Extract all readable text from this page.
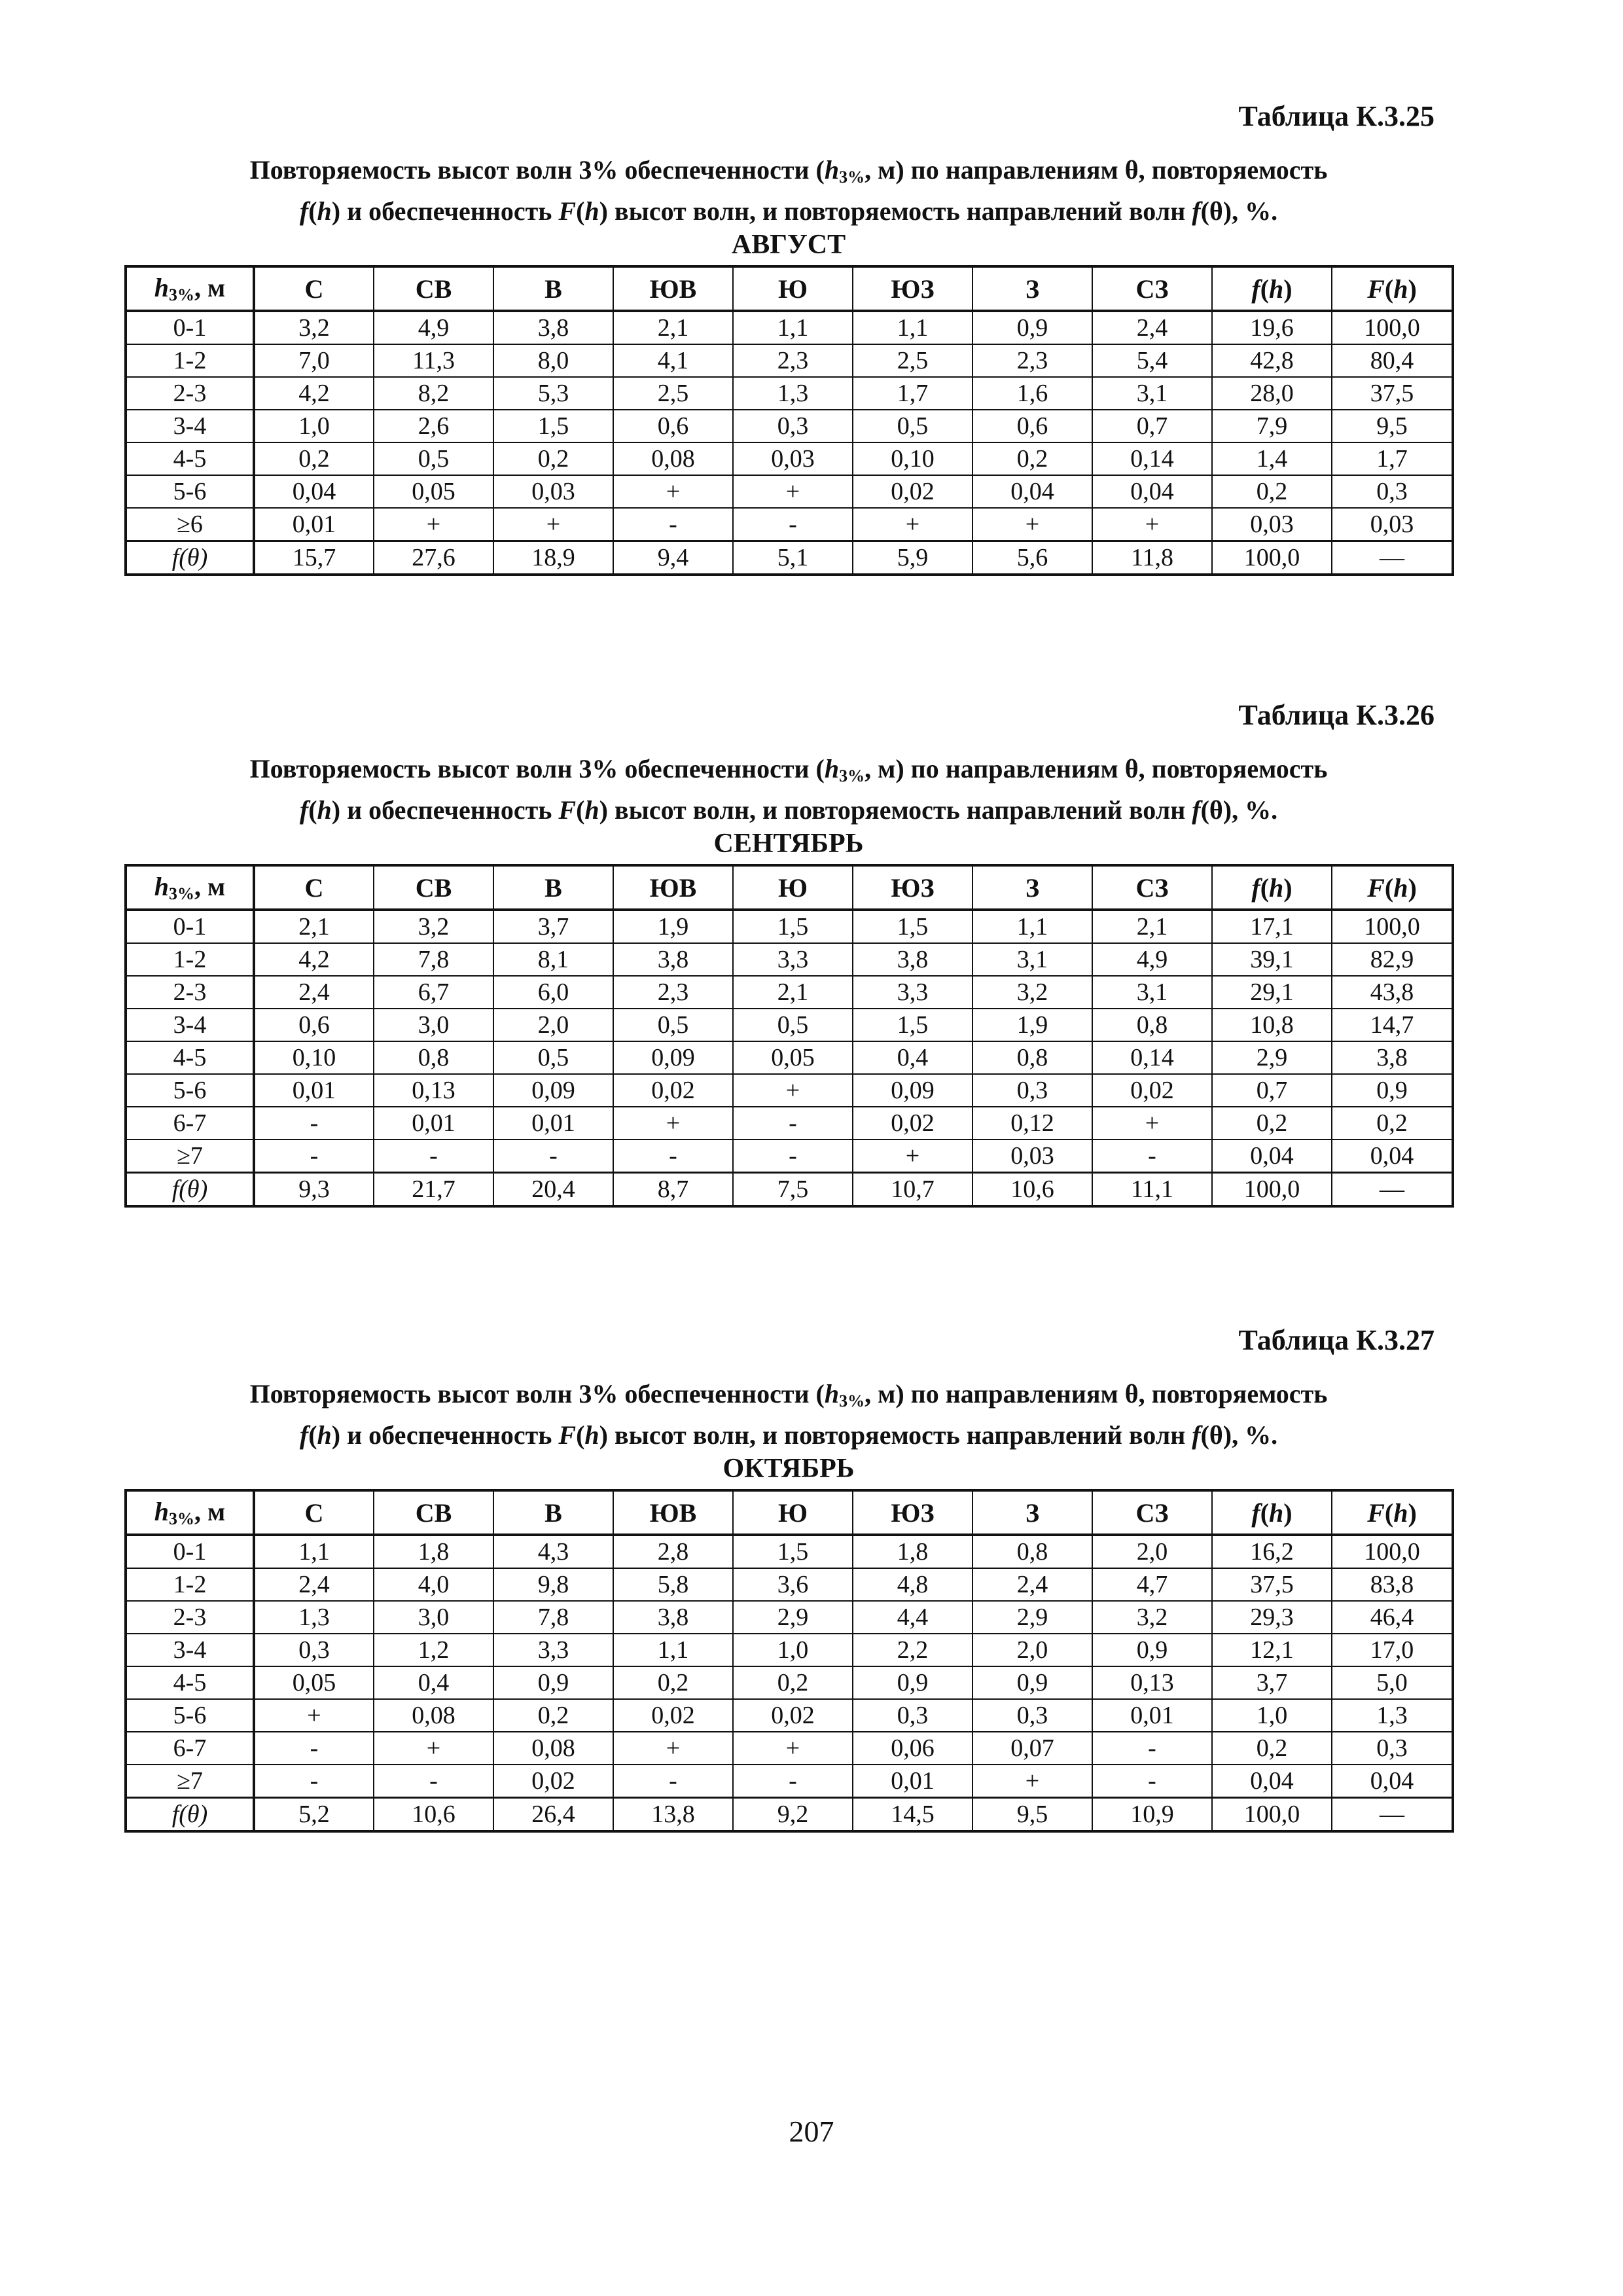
Таблица К.3.25
Повторяемость высот волн 3% обеспеченности ($h_{3\%}$, м) по направлениям θ, повторяемость
f(h) и обеспеченность F(h) высот волн, и повторяемость направлений волн f(θ), %.
АВГУСТ
$h_{3\%}$, м	С	СВ	В	ЮВ	Ю	ЮЗ	З	СЗ	f(h)	F(h)
0-1	3,2	4,9	3,8	2,1	1,1	1,1	0,9	2,4	19,6	100,0
1-2	7,0	11,3	8,0	4,1	2,3	2,5	2,3	5,4	42,8	80,4
2-3	4,2	8,2	5,3	2,5	1,3	1,7	1,6	3,1	28,0	37,5
3-4	1,0	2,6	1,5	0,6	0,3	0,5	0,6	0,7	7,9	9,5
4-5	0,2	0,5	0,2	0,08	0,03	0,10	0,2	0,14	1,4	1,7
5-6	0,04	0,05	0,03	+	+	0,02	0,04	0,04	0,2	0,3
≥6	0,01	+	+	-	-	+	+	+	0,03	0,03
f(θ)	15,7	27,6	18,9	9,4	5,1	5,9	5,6	11,8	100,0	—
Таблица К.3.26
Повторяемость высот волн 3% обеспеченности ($h_{3\%}$, м) по направлениям θ, повторяемость
f(h) и обеспеченность F(h) высот волн, и повторяемость направлений волн f(θ), %.
СЕНТЯБРЬ
$h_{3\%}$, м	С	СВ	В	ЮВ	Ю	ЮЗ	З	СЗ	f(h)	F(h)
0-1	2,1	3,2	3,7	1,9	1,5	1,5	1,1	2,1	17,1	100,0
1-2	4,2	7,8	8,1	3,8	3,3	3,8	3,1	4,9	39,1	82,9
2-3	2,4	6,7	6,0	2,3	2,1	3,3	3,2	3,1	29,1	43,8
3-4	0,6	3,0	2,0	0,5	0,5	1,5	1,9	0,8	10,8	14,7
4-5	0,10	0,8	0,5	0,09	0,05	0,4	0,8	0,14	2,9	3,8
5-6	0,01	0,13	0,09	0,02	+	0,09	0,3	0,02	0,7	0,9
6-7	-	0,01	0,01	+	-	0,02	0,12	+	0,2	0,2
≥7	-	-	-	-	-	+	0,03	-	0,04	0,04
f(θ)	9,3	21,7	20,4	8,7	7,5	10,7	10,6	11,1	100,0	—
Таблица К.3.27
Повторяемость высот волн 3% обеспеченности ($h_{3\%}$, м) по направлениям θ, повторяемость
f(h) и обеспеченность F(h) высот волн, и повторяемость направлений волн f(θ), %.
ОКТЯБРЬ
$h_{3\%}$, м	С	СВ	В	ЮВ	Ю	ЮЗ	З	СЗ	f(h)	F(h)
0-1	1,1	1,8	4,3	2,8	1,5	1,8	0,8	2,0	16,2	100,0
1-2	2,4	4,0	9,8	5,8	3,6	4,8	2,4	4,7	37,5	83,8
2-3	1,3	3,0	7,8	3,8	2,9	4,4	2,9	3,2	29,3	46,4
3-4	0,3	1,2	3,3	1,1	1,0	2,2	2,0	0,9	12,1	17,0
4-5	0,05	0,4	0,9	0,2	0,2	0,9	0,9	0,13	3,7	5,0
5-6	+	0,08	0,2	0,02	0,02	0,3	0,3	0,01	1,0	1,3
6-7	-	+	0,08	+	+	0,06	0,07	-	0,2	0,3
≥7	-	-	0,02	-	-	0,01	+	-	0,04	0,04
f(θ)	5,2	10,6	26,4	13,8	9,2	14,5	9,5	10,9	100,0	—
207
